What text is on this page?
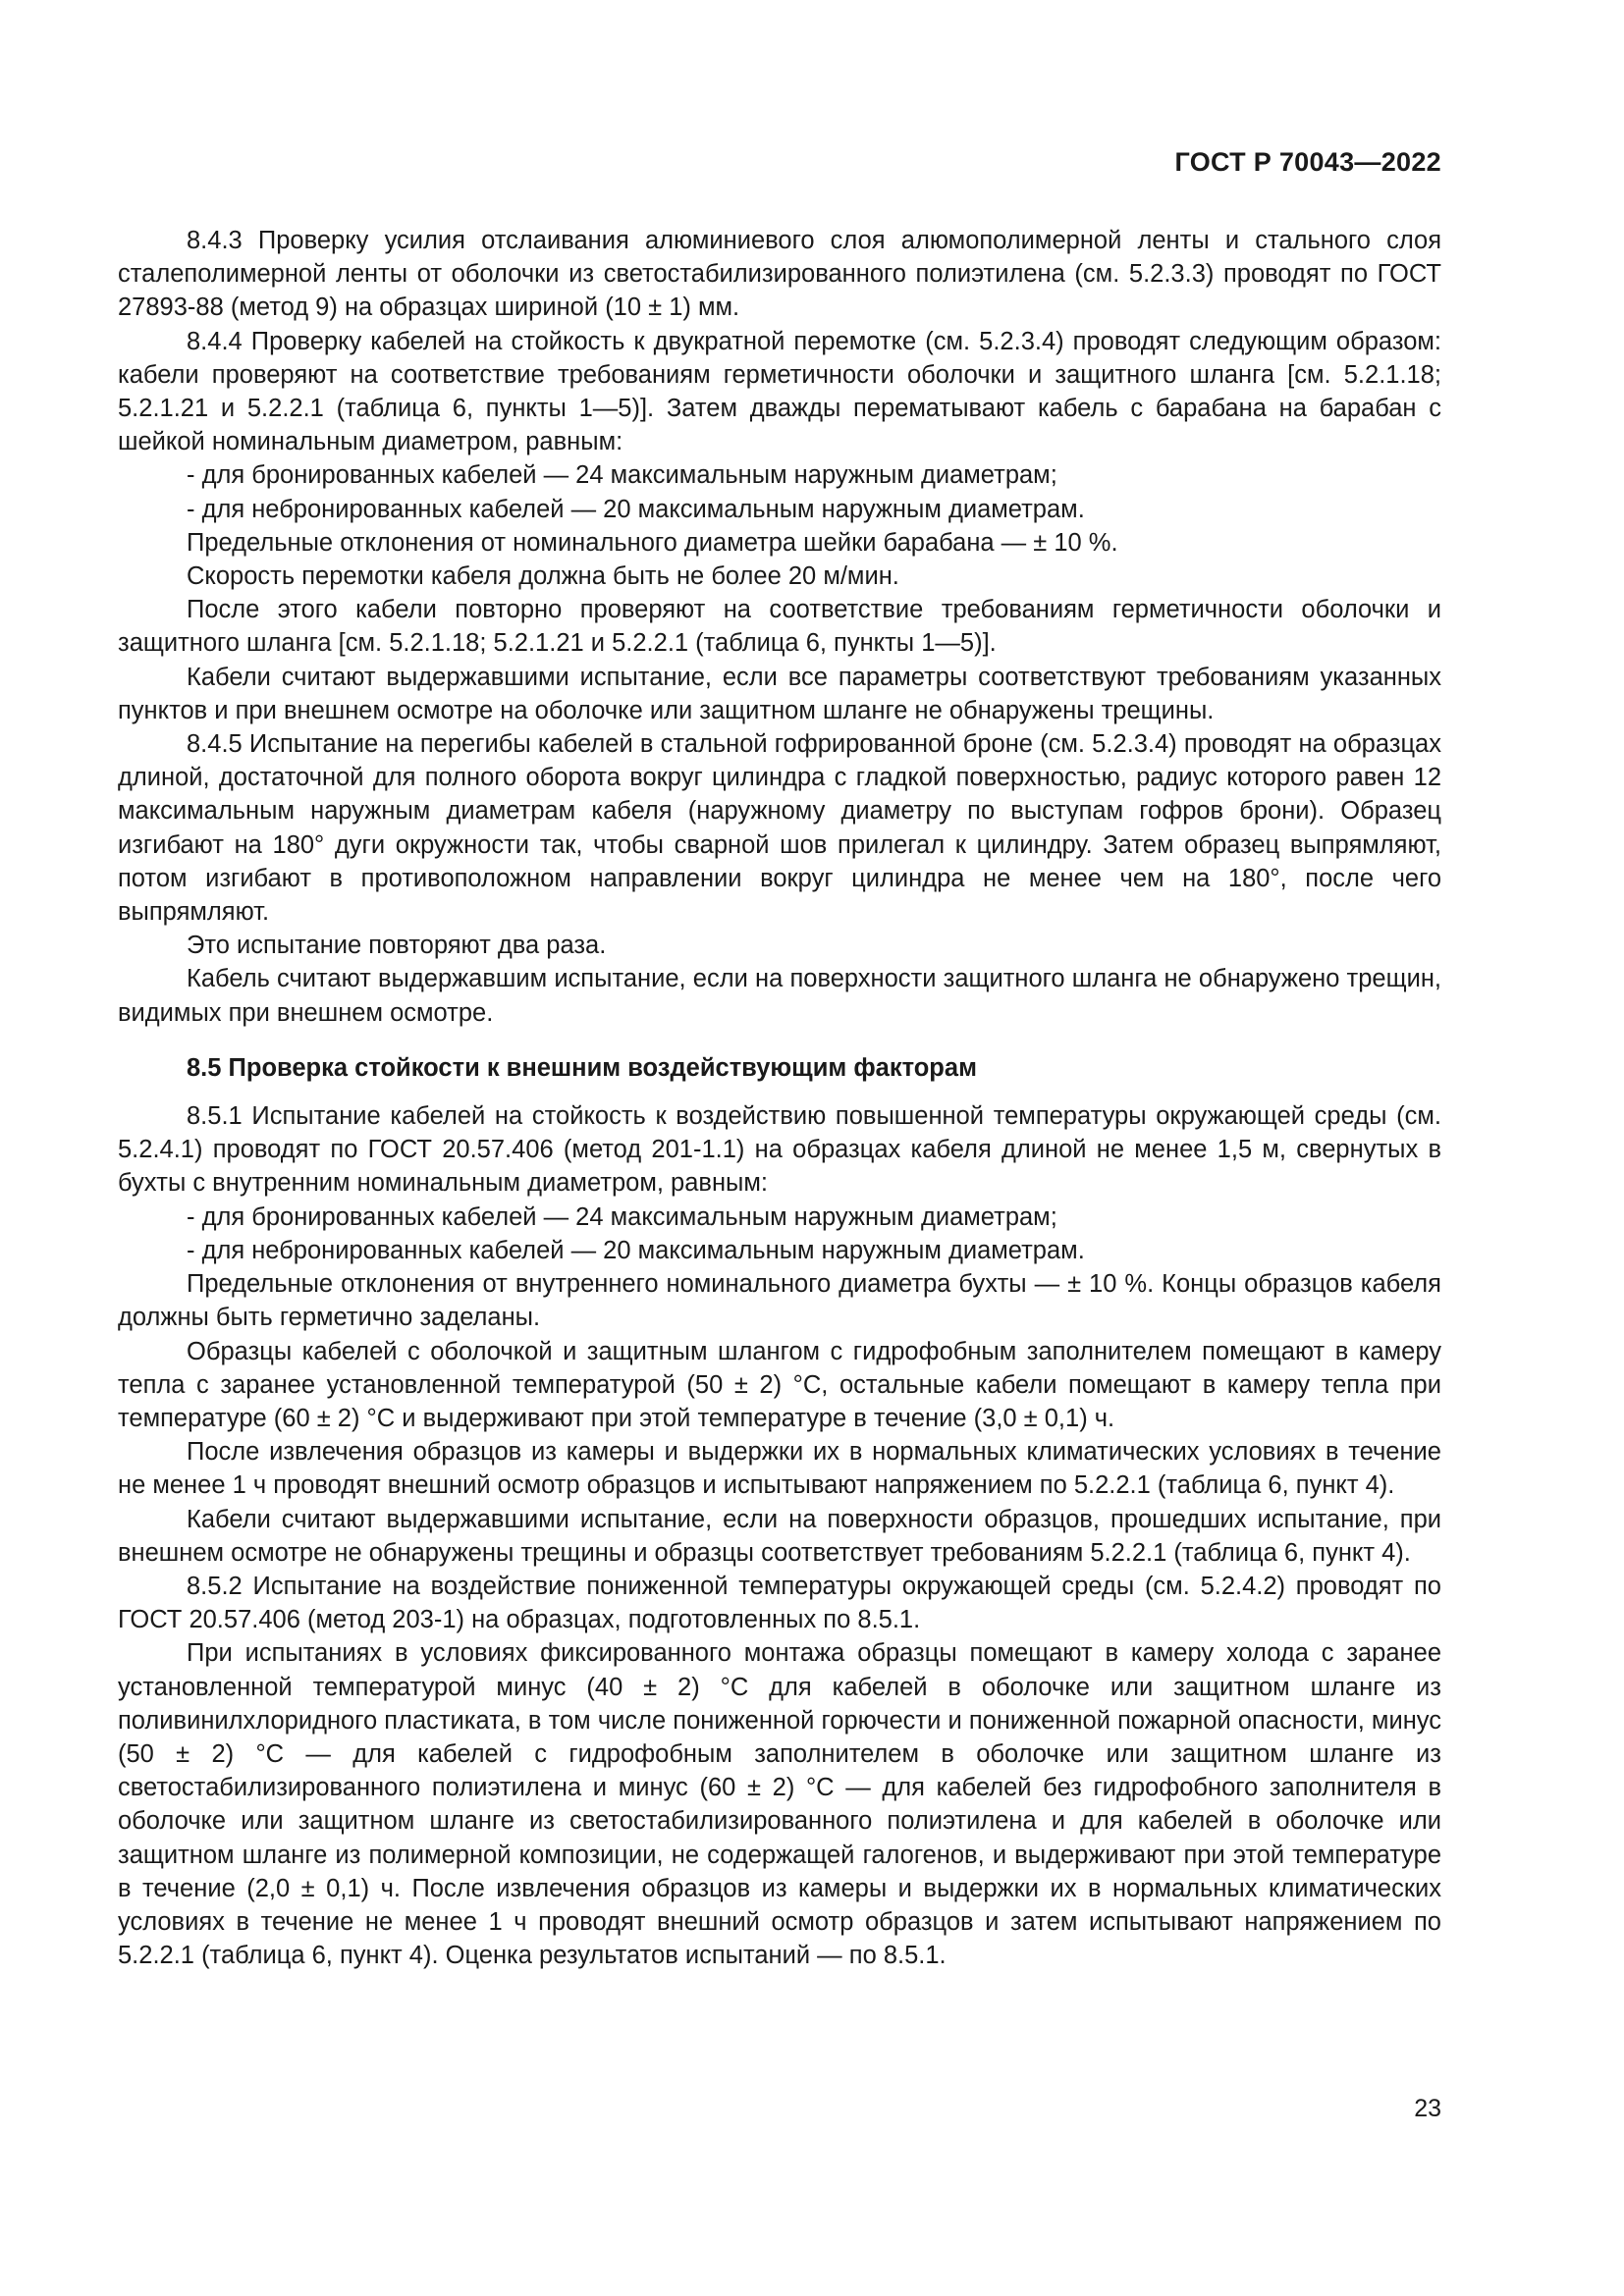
ГОСТ Р 70043—2022

8.4.3 Проверку усилия отслаивания алюминиевого слоя алюмополимерной ленты и стального слоя сталеполимерной ленты от оболочки из светостабилизированного полиэтилена (см. 5.2.3.3) проводят по ГОСТ 27893-88 (метод 9) на образцах шириной (10 ± 1) мм.

8.4.4 Проверку кабелей на стойкость к двукратной перемотке (см. 5.2.3.4) проводят следующим образом: кабели проверяют на соответствие требованиям герметичности оболочки и защитного шланга [см. 5.2.1.18; 5.2.1.21 и 5.2.2.1 (таблица 6, пункты 1—5)]. Затем дважды перематывают кабель с барабана на барабан с шейкой номинальным диаметром, равным:

- для бронированных кабелей — 24 максимальным наружным диаметрам;

- для небронированных кабелей — 20 максимальным наружным диаметрам.

Предельные отклонения от номинального диаметра шейки барабана — ± 10 %.

Скорость перемотки кабеля должна быть не более 20 м/мин.

После этого кабели повторно проверяют на соответствие требованиям герметичности оболочки и защитного шланга [см. 5.2.1.18; 5.2.1.21 и 5.2.2.1 (таблица 6, пункты 1—5)].

Кабели считают выдержавшими испытание, если все параметры соответствуют требованиям указанных пунктов и при внешнем осмотре на оболочке или защитном шланге не обнаружены трещины.

8.4.5 Испытание на перегибы кабелей в стальной гофрированной броне (см. 5.2.3.4) проводят на образцах длиной, достаточной для полного оборота вокруг цилиндра с гладкой поверхностью, радиус которого равен 12 максимальным наружным диаметрам кабеля (наружному диаметру по выступам гофров брони). Образец изгибают на 180° дуги окружности так, чтобы сварной шов прилегал к цилиндру. Затем образец выпрямляют, потом изгибают в противоположном направлении вокруг цилиндра не менее чем на 180°, после чего выпрямляют.

Это испытание повторяют два раза.

Кабель считают выдержавшим испытание, если на поверхности защитного шланга не обнаружено трещин, видимых при внешнем осмотре.

8.5 Проверка стойкости к внешним воздействующим факторам

8.5.1 Испытание кабелей на стойкость к воздействию повышенной температуры окружающей среды (см. 5.2.4.1) проводят по ГОСТ 20.57.406 (метод 201-1.1) на образцах кабеля длиной не менее 1,5 м, свернутых в бухты с внутренним номинальным диаметром, равным:

- для бронированных кабелей — 24 максимальным наружным диаметрам;

- для небронированных кабелей — 20 максимальным наружным диаметрам.

Предельные отклонения от внутреннего номинального диаметра бухты — ± 10 %. Концы образцов кабеля должны быть герметично заделаны.

Образцы кабелей с оболочкой и защитным шлангом с гидрофобным заполнителем помещают в камеру тепла с заранее установленной температурой (50 ± 2) °С, остальные кабели помещают в камеру тепла при температуре (60 ± 2) °С и выдерживают при этой температуре в течение (3,0 ± 0,1) ч.

После извлечения образцов из камеры и выдержки их в нормальных климатических условиях в течение не менее 1 ч проводят внешний осмотр образцов и испытывают напряжением по 5.2.2.1 (таблица 6, пункт 4).

Кабели считают выдержавшими испытание, если на поверхности образцов, прошедших испытание, при внешнем осмотре не обнаружены трещины и образцы соответствует требованиям 5.2.2.1 (таблица 6, пункт 4).

8.5.2 Испытание на воздействие пониженной температуры окружающей среды (см. 5.2.4.2) проводят по ГОСТ 20.57.406 (метод 203-1) на образцах, подготовленных по 8.5.1.

При испытаниях в условиях фиксированного монтажа образцы помещают в камеру холода с заранее установленной температурой минус (40 ± 2) °С для кабелей в оболочке или защитном шланге из поливинилхлоридного пластиката, в том числе пониженной горючести и пониженной пожарной опасности, минус (50 ± 2) °С — для кабелей с гидрофобным заполнителем в оболочке или защитном шланге из светостабилизированного полиэтилена и минус (60 ± 2) °С — для кабелей без гидрофобного заполнителя в оболочке или защитном шланге из светостабилизированного полиэтилена и для кабелей в оболочке или защитном шланге из полимерной композиции, не содержащей галогенов, и выдерживают при этой температуре в течение (2,0 ± 0,1) ч. После извлечения образцов из камеры и выдержки их в нормальных климатических условиях в течение не менее 1 ч проводят внешний осмотр образцов и затем испытывают напряжением по 5.2.2.1 (таблица 6, пункт 4). Оценка результатов испытаний — по 8.5.1.

23
